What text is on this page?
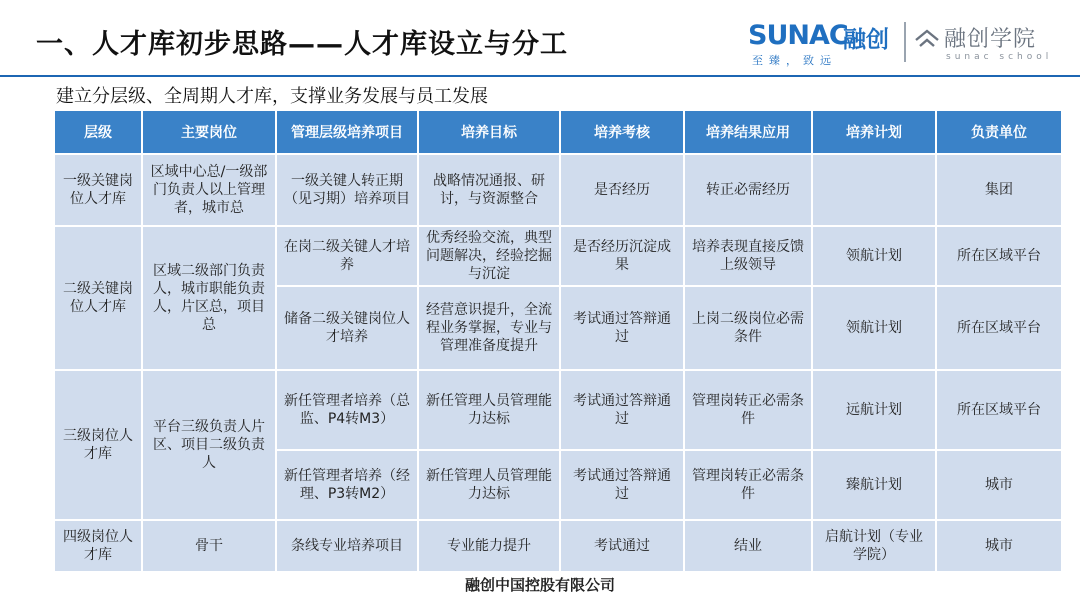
一、人才库初步思路——人才库设立与分工	SUNAC
融创
至臻，致远
融创学院
sunac school
建立分层级、全周期人才库，支撑业务发展与员工发展
层级	主要岗位	管理层级培养项目	培养目标	培养考核	培养结果应用	培养计划	负责单位
一级关键岗位人才库	区域中心总/一级部门负责人以上管理者，城市总	一级关键人转正期（见习期）培养项目	战略情况通报、研讨，与资源整合	是否经历	转正必需经历		集团
二级关键岗位人才库	区域二级部门负责人，城市职能负责人，片区总，项目总	在岗二级关键人才培养	优秀经验交流，典型问题解决，经验挖掘与沉淀	是否经历沉淀成果	培养表现直接反馈上级领导	领航计划	所在区域平台
		储备二级关键岗位人才培养	经营意识提升，全流程业务掌握，专业与管理准备度提升	考试通过答辩通过	上岗二级岗位必需条件	领航计划	所在区域平台
三级岗位人才库	平台三级负责人片区、项目二级负责人	新任管理者培养（总监、P4转M3）	新任管理人员管理能力达标	考试通过答辩通过	管理岗转正必需条件	远航计划	所在区域平台
		新任管理者培养（经理、P3转M2）	新任管理人员管理能力达标	考试通过答辩通过	管理岗转正必需条件	臻航计划	城市
四级岗位人才库	骨干	条线专业培养项目	专业能力提升	考试通过	结业	启航计划（专业学院）	城市
融创中国控股有限公司
